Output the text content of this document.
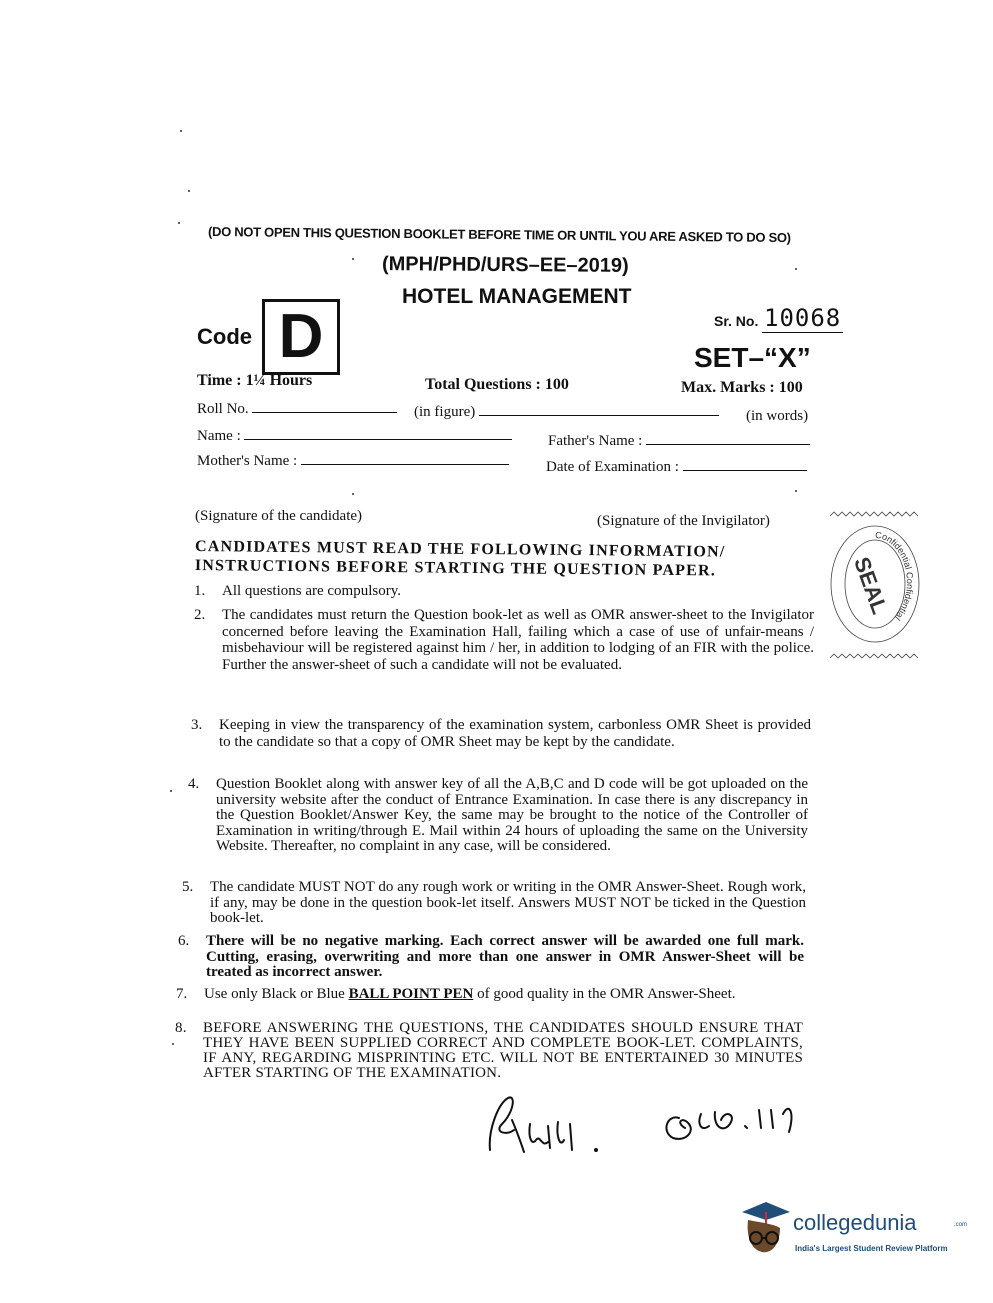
(DO NOT OPEN THIS QUESTION BOOKLET BEFORE TIME OR UNTIL YOU ARE ASKED TO DO SO)
(MPH/PHD/URS–EE–2019)
HOTEL MANAGEMENT
Code D	Sr. No. 10068
SET–“X”
Time : 1¼ Hours	Total Questions : 100	Max. Marks : 100
Roll No.	(in figure)	(in words)
Name :	Father's Name :
Mother's Name :	Date of Examination :
(Signature of the candidate)	(Signature of the Invigilator)
CANDIDATES MUST READ THE FOLLOWING INFORMATION/
INSTRUCTIONS BEFORE STARTING THE QUESTION PAPER.
1. All questions are compulsory.
2. The candidates must return the Question book-let as well as OMR answer-sheet to the Invigilator concerned before leaving the Examination Hall, failing which a case of use of unfair-means / misbehaviour will be registered against him / her, in addition to lodging of an FIR with the police. Further the answer-sheet of such a candidate will not be evaluated.
3. Keeping in view the transparency of the examination system, carbonless OMR Sheet is provided to the candidate so that a copy of OMR Sheet may be kept by the candidate.
4. Question Booklet along with answer key of all the A,B,C and D code will be got uploaded on the university website after the conduct of Entrance Examination. In case there is any discrepancy in the Question Booklet/Answer Key, the same may be brought to the notice of the Controller of Examination in writing/through E. Mail within 24 hours of uploading the same on the University Website. Thereafter, no complaint in any case, will be considered.
5. The candidate MUST NOT do any rough work or writing in the OMR Answer-Sheet. Rough work, if any, may be done in the question book-let itself. Answers MUST NOT be ticked in the Question book-let.
6. There will be no negative marking. Each correct answer will be awarded one full mark. Cutting, erasing, overwriting and more than one answer in OMR Answer-Sheet will be treated as incorrect answer.
7. Use only Black or Blue BALL POINT PEN of good quality in the OMR Answer-Sheet.
8. BEFORE ANSWERING THE QUESTIONS, THE CANDIDATES SHOULD ENSURE THAT THEY HAVE BEEN SUPPLIED CORRECT AND COMPLETE BOOK-LET. COMPLAINTS, IF ANY, REGARDING MISPRINTING ETC. WILL NOT BE ENTERTAINED 30 MINUTES AFTER STARTING OF THE EXAMINATION.
Confidential Confidential
SEAL
collegedunia	.com
India's Largest Student Review Platform
